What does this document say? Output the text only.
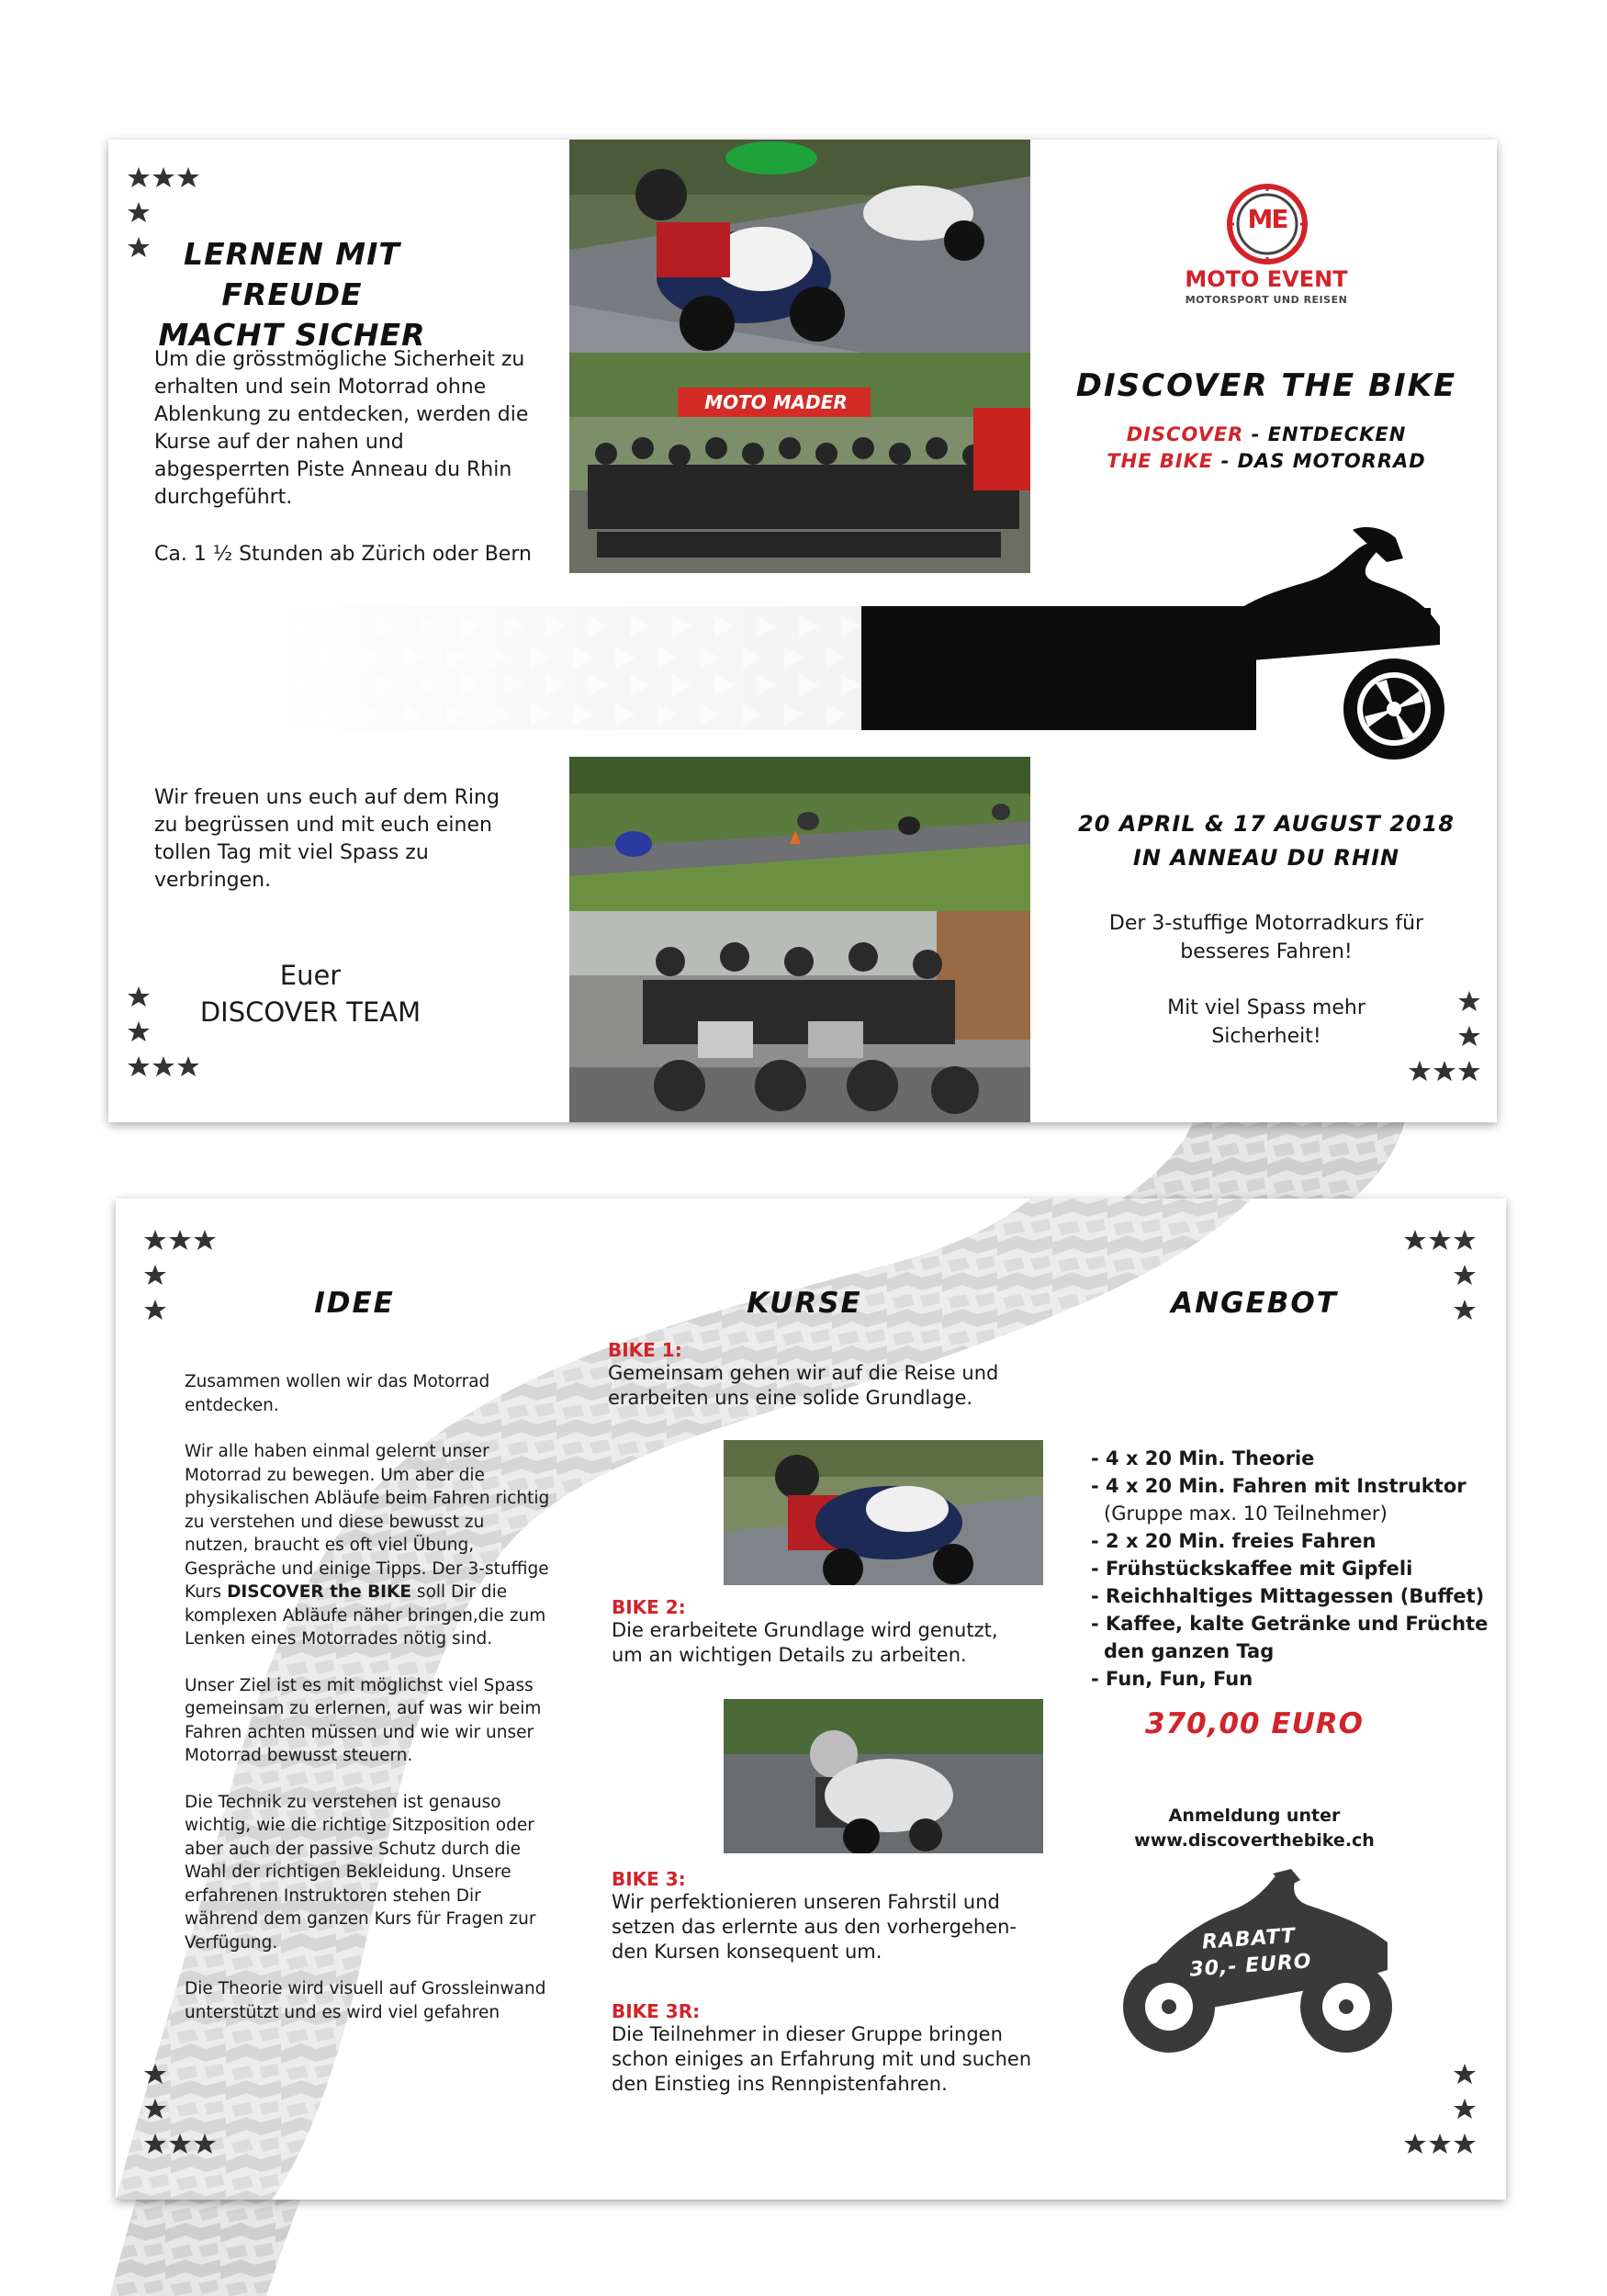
LERNEN MIT FREUDE
MACHT SICHER
Um die grösstmögliche Sicherheit zu erhalten und sein Motorrad ohne Ablenkung zu entdecken, werden die Kurse auf der nahen und abgesperrten Piste Anneau du Rhin durchgeführt.
Ca. 1 ½ Stunden ab Zürich oder Bern
Wir freuen uns euch auf dem Ring zu begrüssen und mit euch einen tollen Tag mit viel Spass zu verbringen.
Euer
DISCOVER TEAM
MOTO MADER
ME
MOTO EVENT
MOTORSPORT UND REISEN
DISCOVER THE BIKE
DISCOVER - ENTDECKEN
THE BIKE - DAS MOTORRAD
20 APRIL & 17 AUGUST 2018
IN ANNEAU DU RHIN
Der 3-stuffige Motorradkurs für besseres Fahren!
Mit viel Spass mehr Sicherheit!
IDEE

Zusammen wollen wir das Motorrad entdecken.

Wir alle haben einmal gelernt unser Motorrad zu bewegen. Um aber die physikalischen Abläufe beim Fahren richtig zu verstehen und diese bewusst zu nutzen, braucht es oft viel Übung, Gespräche und einige Tipps. Der 3-stuffige Kurs DISCOVER the BIKE soll Dir die komplexen Abläufe näher bringen,die zum Lenken eines Motorrades nötig sind.

Unser Ziel ist es mit möglichst viel Spass gemeinsam zu erlernen, auf was wir beim Fahren achten müssen und wie wir unser Motorrad bewusst steuern.

Die Technik zu verstehen ist genauso wichtig, wie die richtige Sitzposition oder aber auch der passive Schutz durch die Wahl der richtigen Bekleidung. Unsere erfahrenen Instruktoren stehen Dir während dem ganzen Kurs für Fragen zur Verfügung.

Die Theorie wird visuell auf Grossleinwand unterstützt und es wird viel gefahren

KURSE
BIKE 1:
Gemeinsam gehen wir auf die Reise und erarbeiten uns eine solide Grundlage.
BIKE 2:
Die erarbeitete Grundlage wird genutzt, um an wichtigen Details zu arbeiten.
BIKE 3:
Wir perfektionieren unseren Fahrstil und setzen das erlernte aus den vorhergehen-den Kursen konsequent um.
BIKE 3R:
Die Teilnehmer in dieser Gruppe bringen schon einiges an Erfahrung mit und suchen den Einstieg ins Rennpistenfahren.
ANGEBOT
- 4 x 20 Min. Theorie
- 4 x 20 Min. Fahren mit Instruktor
(Gruppe max. 10 Teilnehmer)
- 2 x 20 Min. freies Fahren
- Frühstückskaffee mit Gipfeli
- Reichhaltiges Mittagessen (Buffet)
- Kaffee, kalte Getränke und Früchte
den ganzen Tag
- Fun, Fun, Fun
370,00 EURO
Anmeldung unter
www.discoverthebike.ch
RABATT
30,- EURO
